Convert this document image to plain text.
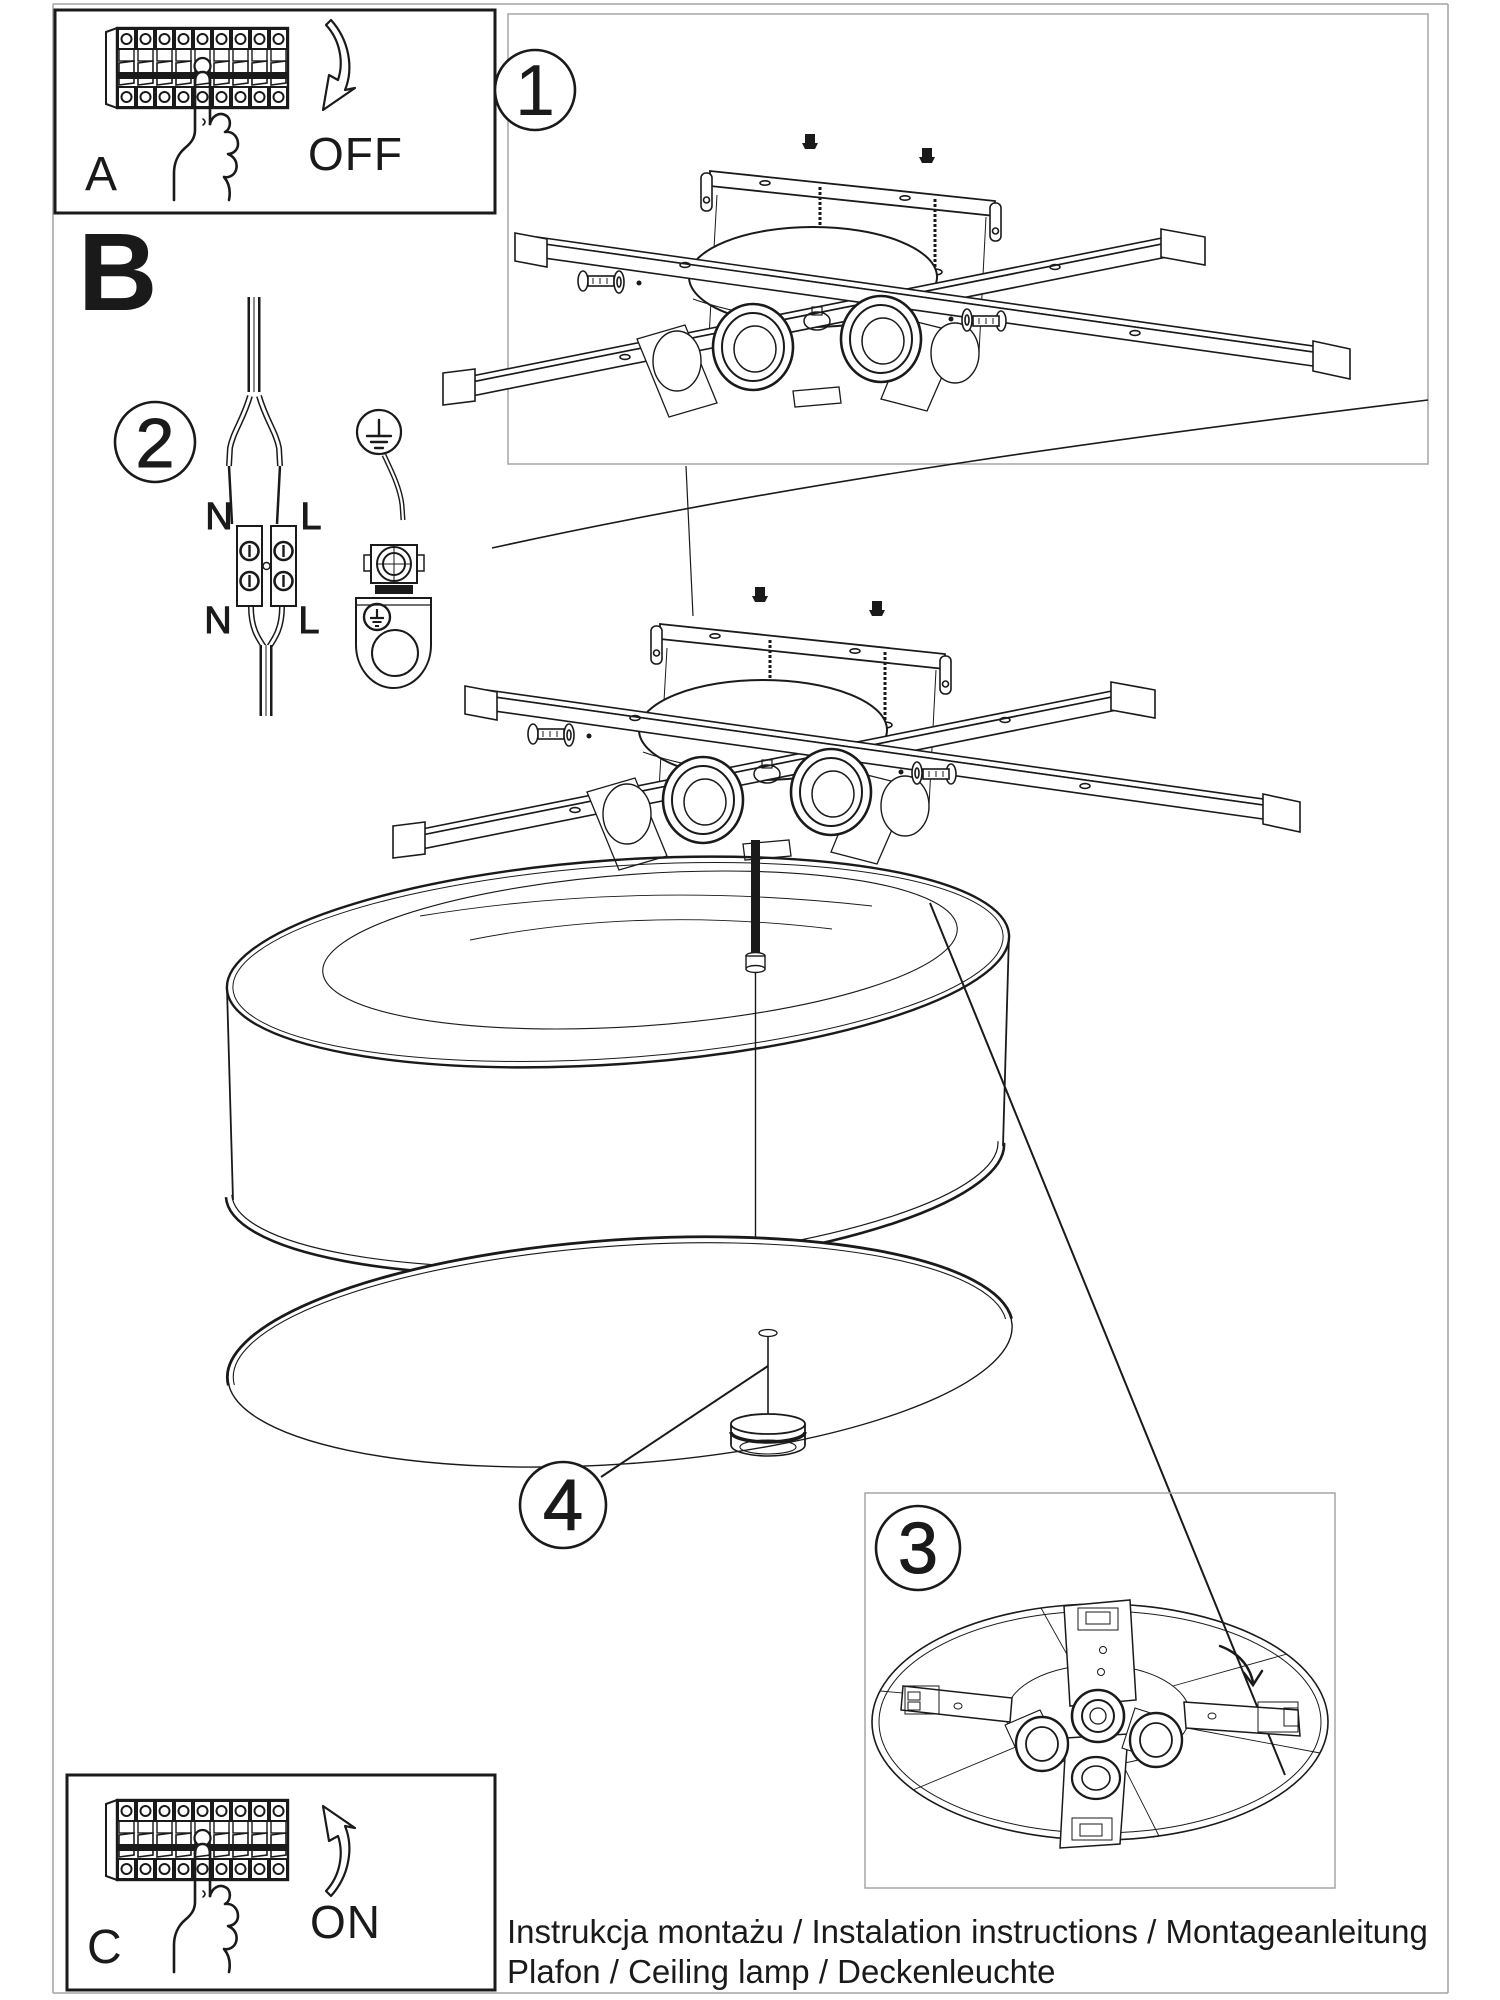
OFF
A
B
2
N L
N L
1
4
3
ON
C	Instrukcja montażu / Instalation instructions / Montageanleitung
Plafon / Ceiling lamp / Deckenleuchte
